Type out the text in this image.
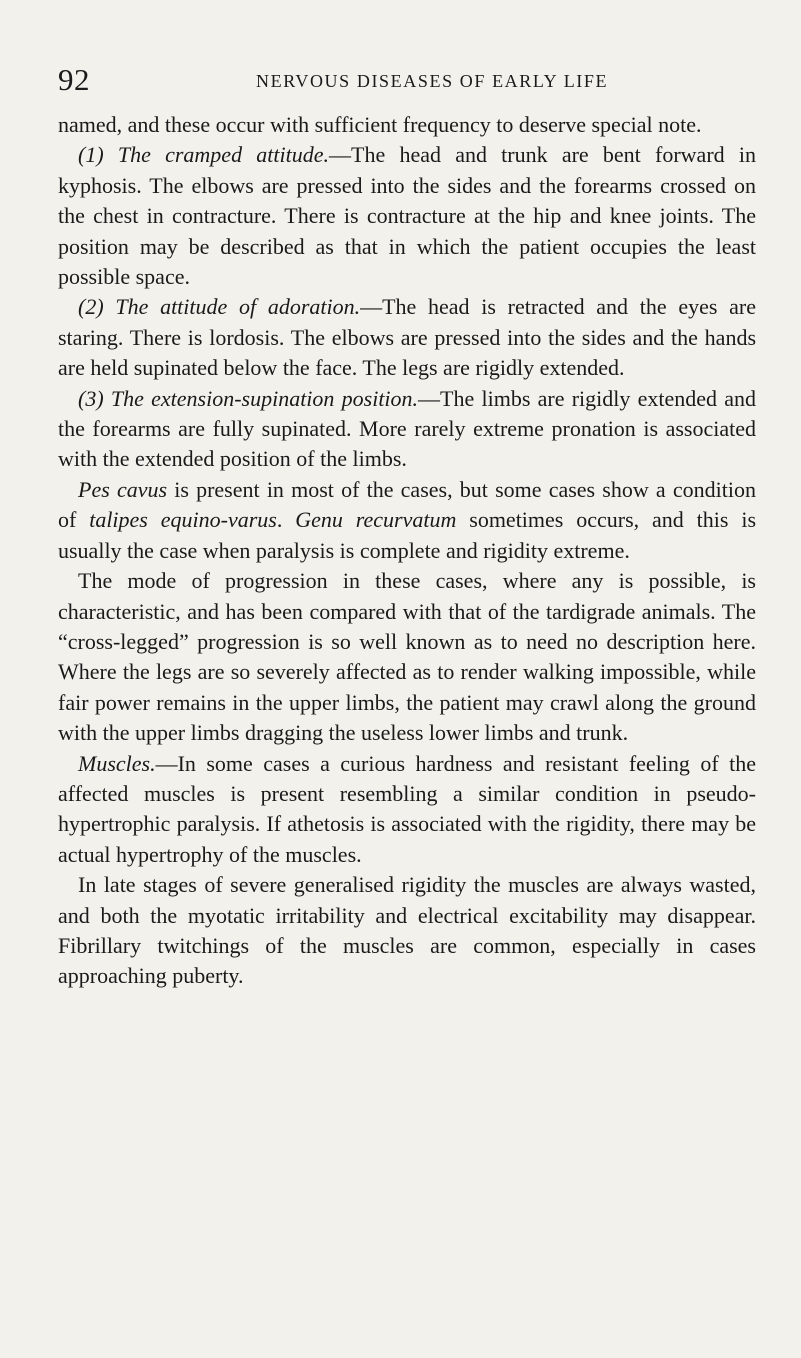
92	NERVOUS DISEASES OF EARLY LIFE

named, and these occur with sufficient frequency to deserve special note.

(1) The cramped attitude.—The head and trunk are bent forward in kyphosis. The elbows are pressed into the sides and the forearms crossed on the chest in contracture. There is contracture at the hip and knee joints. The position may be described as that in which the patient occupies the least possible space.

(2) The attitude of adoration.—The head is retracted and the eyes are staring. There is lordosis. The elbows are pressed into the sides and the hands are held supinated below the face. The legs are rigidly extended.

(3) The extension-supination position.—The limbs are rigidly extended and the forearms are fully supinated. More rarely extreme pronation is associated with the extended position of the limbs.

Pes cavus is present in most of the cases, but some cases show a condition of talipes equino-varus. Genu recurvatum sometimes occurs, and this is usually the case when paralysis is complete and rigidity extreme.

The mode of progression in these cases, where any is possible, is characteristic, and has been compared with that of the tardigrade animals. The “cross-legged” progression is so well known as to need no description here. Where the legs are so severely affected as to render walking impossible, while fair power remains in the upper limbs, the patient may crawl along the ground with the upper limbs dragging the useless lower limbs and trunk.

Muscles.—In some cases a curious hardness and resistant feeling of the affected muscles is present resembling a similar condition in pseudo-hypertrophic paralysis. If athetosis is associated with the rigidity, there may be actual hypertrophy of the muscles.

In late stages of severe generalised rigidity the muscles are always wasted, and both the myotatic irritability and electrical excitability may disappear. Fibrillary twitchings of the muscles are common, especially in cases approaching puberty.
